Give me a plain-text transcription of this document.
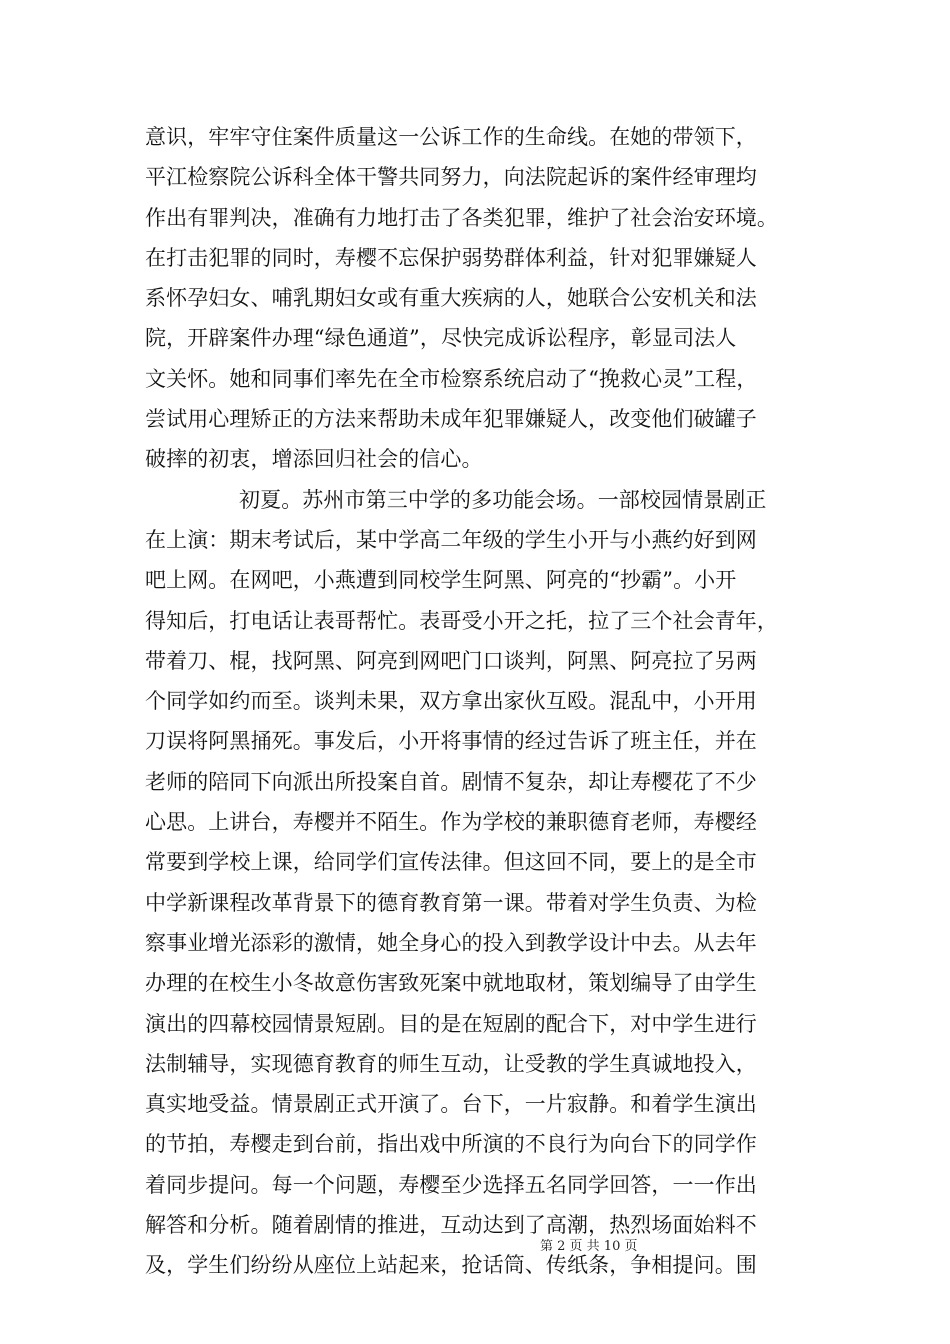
意识，牢牢守住案件质量这一公诉工作的生命线。在她的带领下，
平江检察院公诉科全体干警共同努力，向法院起诉的案件经审理均
作出有罪判决，准确有力地打击了各类犯罪，维护了社会治安环境。
在打击犯罪的同时，寿樱不忘保护弱势群体利益，针对犯罪嫌疑人
系怀孕妇女、哺乳期妇女或有重大疾病的人，她联合公安机关和法
院，开辟案件办理“绿色通道”，尽快完成诉讼程序，彰显司法人
文关怀。她和同事们率先在全市检察系统启动了“挽救心灵”工程，
尝试用心理矫正的方法来帮助未成年犯罪嫌疑人，改变他们破罐子
破摔的初衷，增添回归社会的信心。
初夏。苏州市第三中学的多功能会场。一部校园情景剧正
在上演：期末考试后，某中学高二年级的学生小开与小燕约好到网
吧上网。在网吧，小燕遭到同校学生阿黑、阿亮的“抄霸”。小开
得知后，打电话让表哥帮忙。表哥受小开之托，拉了三个社会青年，
带着刀、棍，找阿黑、阿亮到网吧门口谈判，阿黑、阿亮拉了另两
个同学如约而至。谈判未果，双方拿出家伙互殴。混乱中，小开用
刀误将阿黑捅死。事发后，小开将事情的经过告诉了班主任，并在
老师的陪同下向派出所投案自首。剧情不复杂，却让寿樱花了不少
心思。上讲台，寿樱并不陌生。作为学校的兼职德育老师，寿樱经
常要到学校上课，给同学们宣传法律。但这回不同，要上的是全市
中学新课程改革背景下的德育教育第一课。带着对学生负责、为检
察事业增光添彩的激情，她全身心的投入到教学设计中去。从去年
办理的在校生小冬故意伤害致死案中就地取材，策划编导了由学生
演出的四幕校园情景短剧。目的是在短剧的配合下，对中学生进行
法制辅导，实现德育教育的师生互动，让受教的学生真诚地投入，
真实地受益。情景剧正式开演了。台下，一片寂静。和着学生演出
的节拍，寿樱走到台前，指出戏中所演的不良行为向台下的同学作
着同步提问。每一个问题，寿樱至少选择五名同学回答，一一作出
解答和分析。随着剧情的推进，互动达到了高潮，热烈场面始料不
及，学生们纷纷从座位上站起来，抢话筒、传纸条，争相提问。围
第 2 页 共 10 页
